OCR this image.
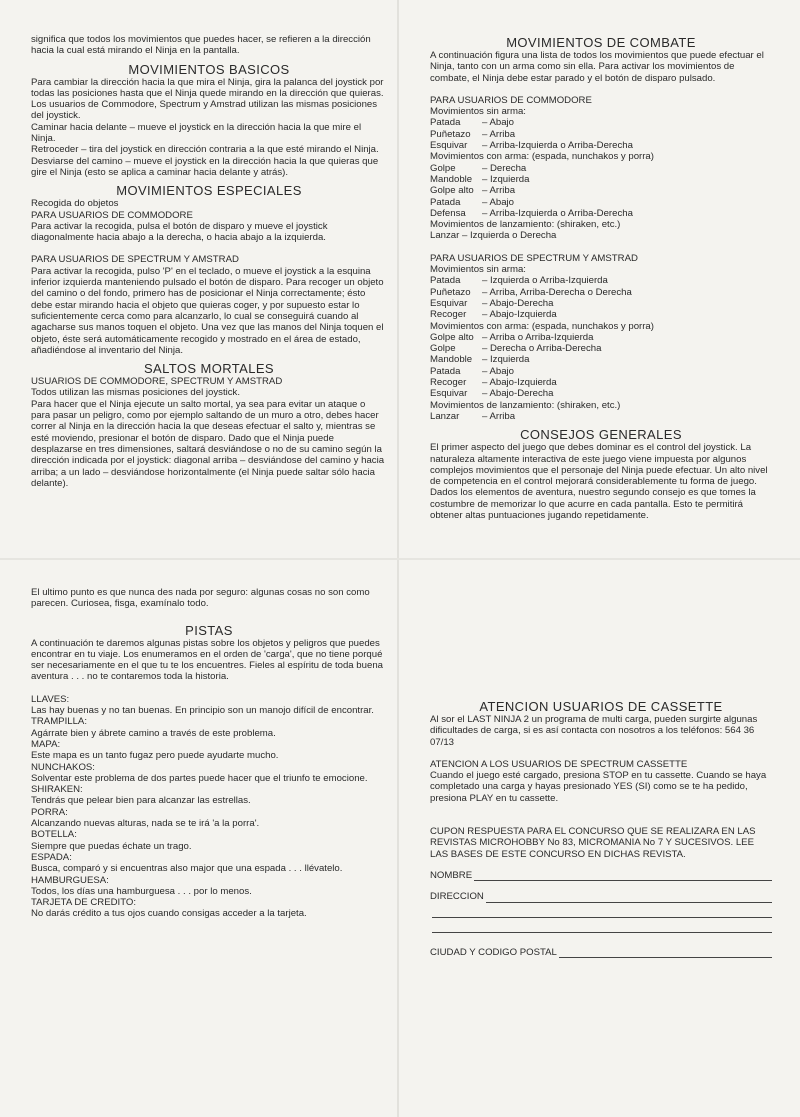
significa que todos los movimientos que puedes hacer, se refieren a la dirección hacia la cual está mirando el Ninja en la pantalla.

MOVIMIENTOS BASICOS

Para cambiar la dirección hacia la que mira el Ninja, gira la palanca del joystick por todas las posiciones hasta que el Ninja quede mirando en la dirección que quieras.

Los usuarios de Commodore, Spectrum y Amstrad utilizan las mismas posiciones del joystick.

Caminar hacia delante – mueve el joystick en la dirección hacia la que mire el Ninja.

Retroceder – tira del joystick en dirección contraria a la que esté mirando el Ninja.

Desviarse del camino – mueve el joystick en la dirección hacia la que quieras que gire el Ninja (esto se aplica a caminar hacia delante y atrás).

MOVIMIENTOS ESPECIALES

Recogida do objetos

PARA USUARIOS DE COMMODORE

Para activar la recogida, pulsa el botón de disparo y mueve el joystick diagonalmente hacia abajo a la derecha, o hacia abajo a la izquierda.

PARA USUARIOS DE SPECTRUM Y AMSTRAD

Para activar la recogida, pulso 'P' en el teclado, o mueve el joystick a la esquina inferior izquierda manteniendo pulsado el botón de disparo. Para recoger un objeto del camino o del fondo, primero has de posicionar el Ninja correctamente; ésto debe estar mirando hacia el objeto que quieras coger, y por supuesto estar lo suficientemente cerca como para alcanzarlo, lo cual se conseguirá cuando al agacharse sus manos toquen el objeto. Una vez que las manos del Ninja toquen el objeto, éste será automáticamente recogido y mostrado en el área de estado, añadiéndose al inventario del Ninja.

SALTOS MORTALES

USUARIOS DE COMMODORE, SPECTRUM Y AMSTRAD

Todos utilizan las mismas posiciones del joystick.

Para hacer que el Ninja ejecute un salto mortal, ya sea para evitar un ataque o para pasar un peligro, como por ejemplo saltando de un muro a otro, debes hacer correr al Ninja en la dirección hacia la que deseas efectuar el salto y, mientras se esté moviendo, presionar el botón de disparo. Dado que el Ninja puede desplazarse en tres dimensiones, saltará desviándose o no de su camino según la dirección indicada por el joystick: diagonal arriba – desviándose del camino y hacia arriba; a un lado – desviándose horizontalmente (el Ninja puede saltar sólo hacia delante).

MOVIMIENTOS DE COMBATE

A continuación figura una lista de todos los movimientos que puede efectuar el Ninja, tanto con un arma como sin ella. Para activar los movimientos de combate, el Ninja debe estar parado y el botón de disparo pulsado.

PARA USUARIOS DE COMMODORE

Movimientos sin arma:

Patada	– Abajo
Puñetazo	– Arriba
Esquivar	– Arriba-Izquierda o Arriba-Derecha

Movimientos con arma: (espada, nunchakos y porra)

Golpe	– Derecha
Mandoble	– Izquierda
Golpe alto – Arriba
Patada	– Abajo
Defensa	– Arriba-Izquierda o Arriba-Derecha

Movimientos de lanzamiento: (shiraken, etc.)

Lanzar – Izquierda o Derecha

PARA USUARIOS DE SPECTRUM Y AMSTRAD

Movimientos sin arma:

Patada	– Izquierda o Arriba-Izquierda
Puñetazo	– Arriba, Arriba-Derecha o Derecha
Esquivar	– Abajo-Derecha
Recoger	– Abajo-Izquierda

Movimientos con arma: (espada, nunchakos y porra)

Golpe alto – Arriba o Arriba-Izquierda
Golpe	– Derecha o Arriba-Derecha
Mandoble	– Izquierda
Patada	– Abajo
Recoger	– Abajo-Izquierda
Esquivar	– Abajo-Derecha

Movimientos de lanzamiento: (shiraken, etc.)

Lanzar	– Arriba
CONSEJOS GENERALES

El primer aspecto del juego que debes dominar es el control del joystick. La naturaleza altamente interactiva de este juego viene impuesta por algunos complejos movimientos que el personaje del Ninja puede efectuar. Un alto nivel de competencia en el control mejorará considerablemente tu forma de juego. Dados los elementos de aventura, nuestro segundo consejo es que tomes la costumbre de memorizar lo que acurre en cada pantalla. Esto te permitirá obtener altas puntuaciones jugando repetidamente.

El ultimo punto es que nunca des nada por seguro: algunas cosas no son como parecen. Curiosea, fisga, examínalo todo.

PISTAS

A continuación te daremos algunas pistas sobre los objetos y peligros que puedes encontrar en tu viaje. Los enumeramos en el orden de 'carga', que no tiene porqué ser necesariamente en el que tu te los encuentres. Fieles al espíritu de toda buena aventura . . . no te contaremos toda la historia.

LLAVES:

Las hay buenas y no tan buenas. En principio son un manojo difícil de encontrar.

TRAMPILLA:

Agárrate bien y ábrete camino a través de este problema.

MAPA:

Este mapa es un tanto fugaz pero puede ayudarte mucho.

NUNCHAKOS:

Solventar este problema de dos partes puede hacer que el triunfo te emocione.

SHIRAKEN:

Tendrás que pelear bien para alcanzar las estrellas.

PORRA:

Alcanzando nuevas alturas, nada se te irá 'a la porra'.

BOTELLA:

Siempre que puedas échate un trago.

ESPADA:

Busca, comparó y si encuentras also major que una espada . . . llévatelo.

HAMBURGUESA:

Todos, los días una hamburguesa . . . por lo menos.

TARJETA DE CREDITO:

No darás crédito a tus ojos cuando consigas acceder a la tarjeta.

ATENCION USUARIOS DE CASSETTE

Al sor el LAST NINJA 2 un programa de multi carga, pueden surgirte algunas dificultades de carga, si es así contacta con nosotros a los teléfonos: 564 36 07/13

ATENCION A LOS USUARIOS DE SPECTRUM CASSETTE

Cuando el juego esté cargado, presiona STOP en tu cassette. Cuando se haya completado una carga y hayas presionado YES (SI) como se te ha pedido, presiona PLAY en tu cassette.

CUPON RESPUESTA PARA EL CONCURSO QUE SE REALIZARA EN LAS REVISTAS MICROHOBBY No 83, MICROMANIA No 7 Y SUCESIVOS. LEE LAS BASES DE ESTE CONCURSO EN DICHAS REVISTA.

NOMBRE
DIRECCION
CIUDAD Y CODIGO POSTAL
